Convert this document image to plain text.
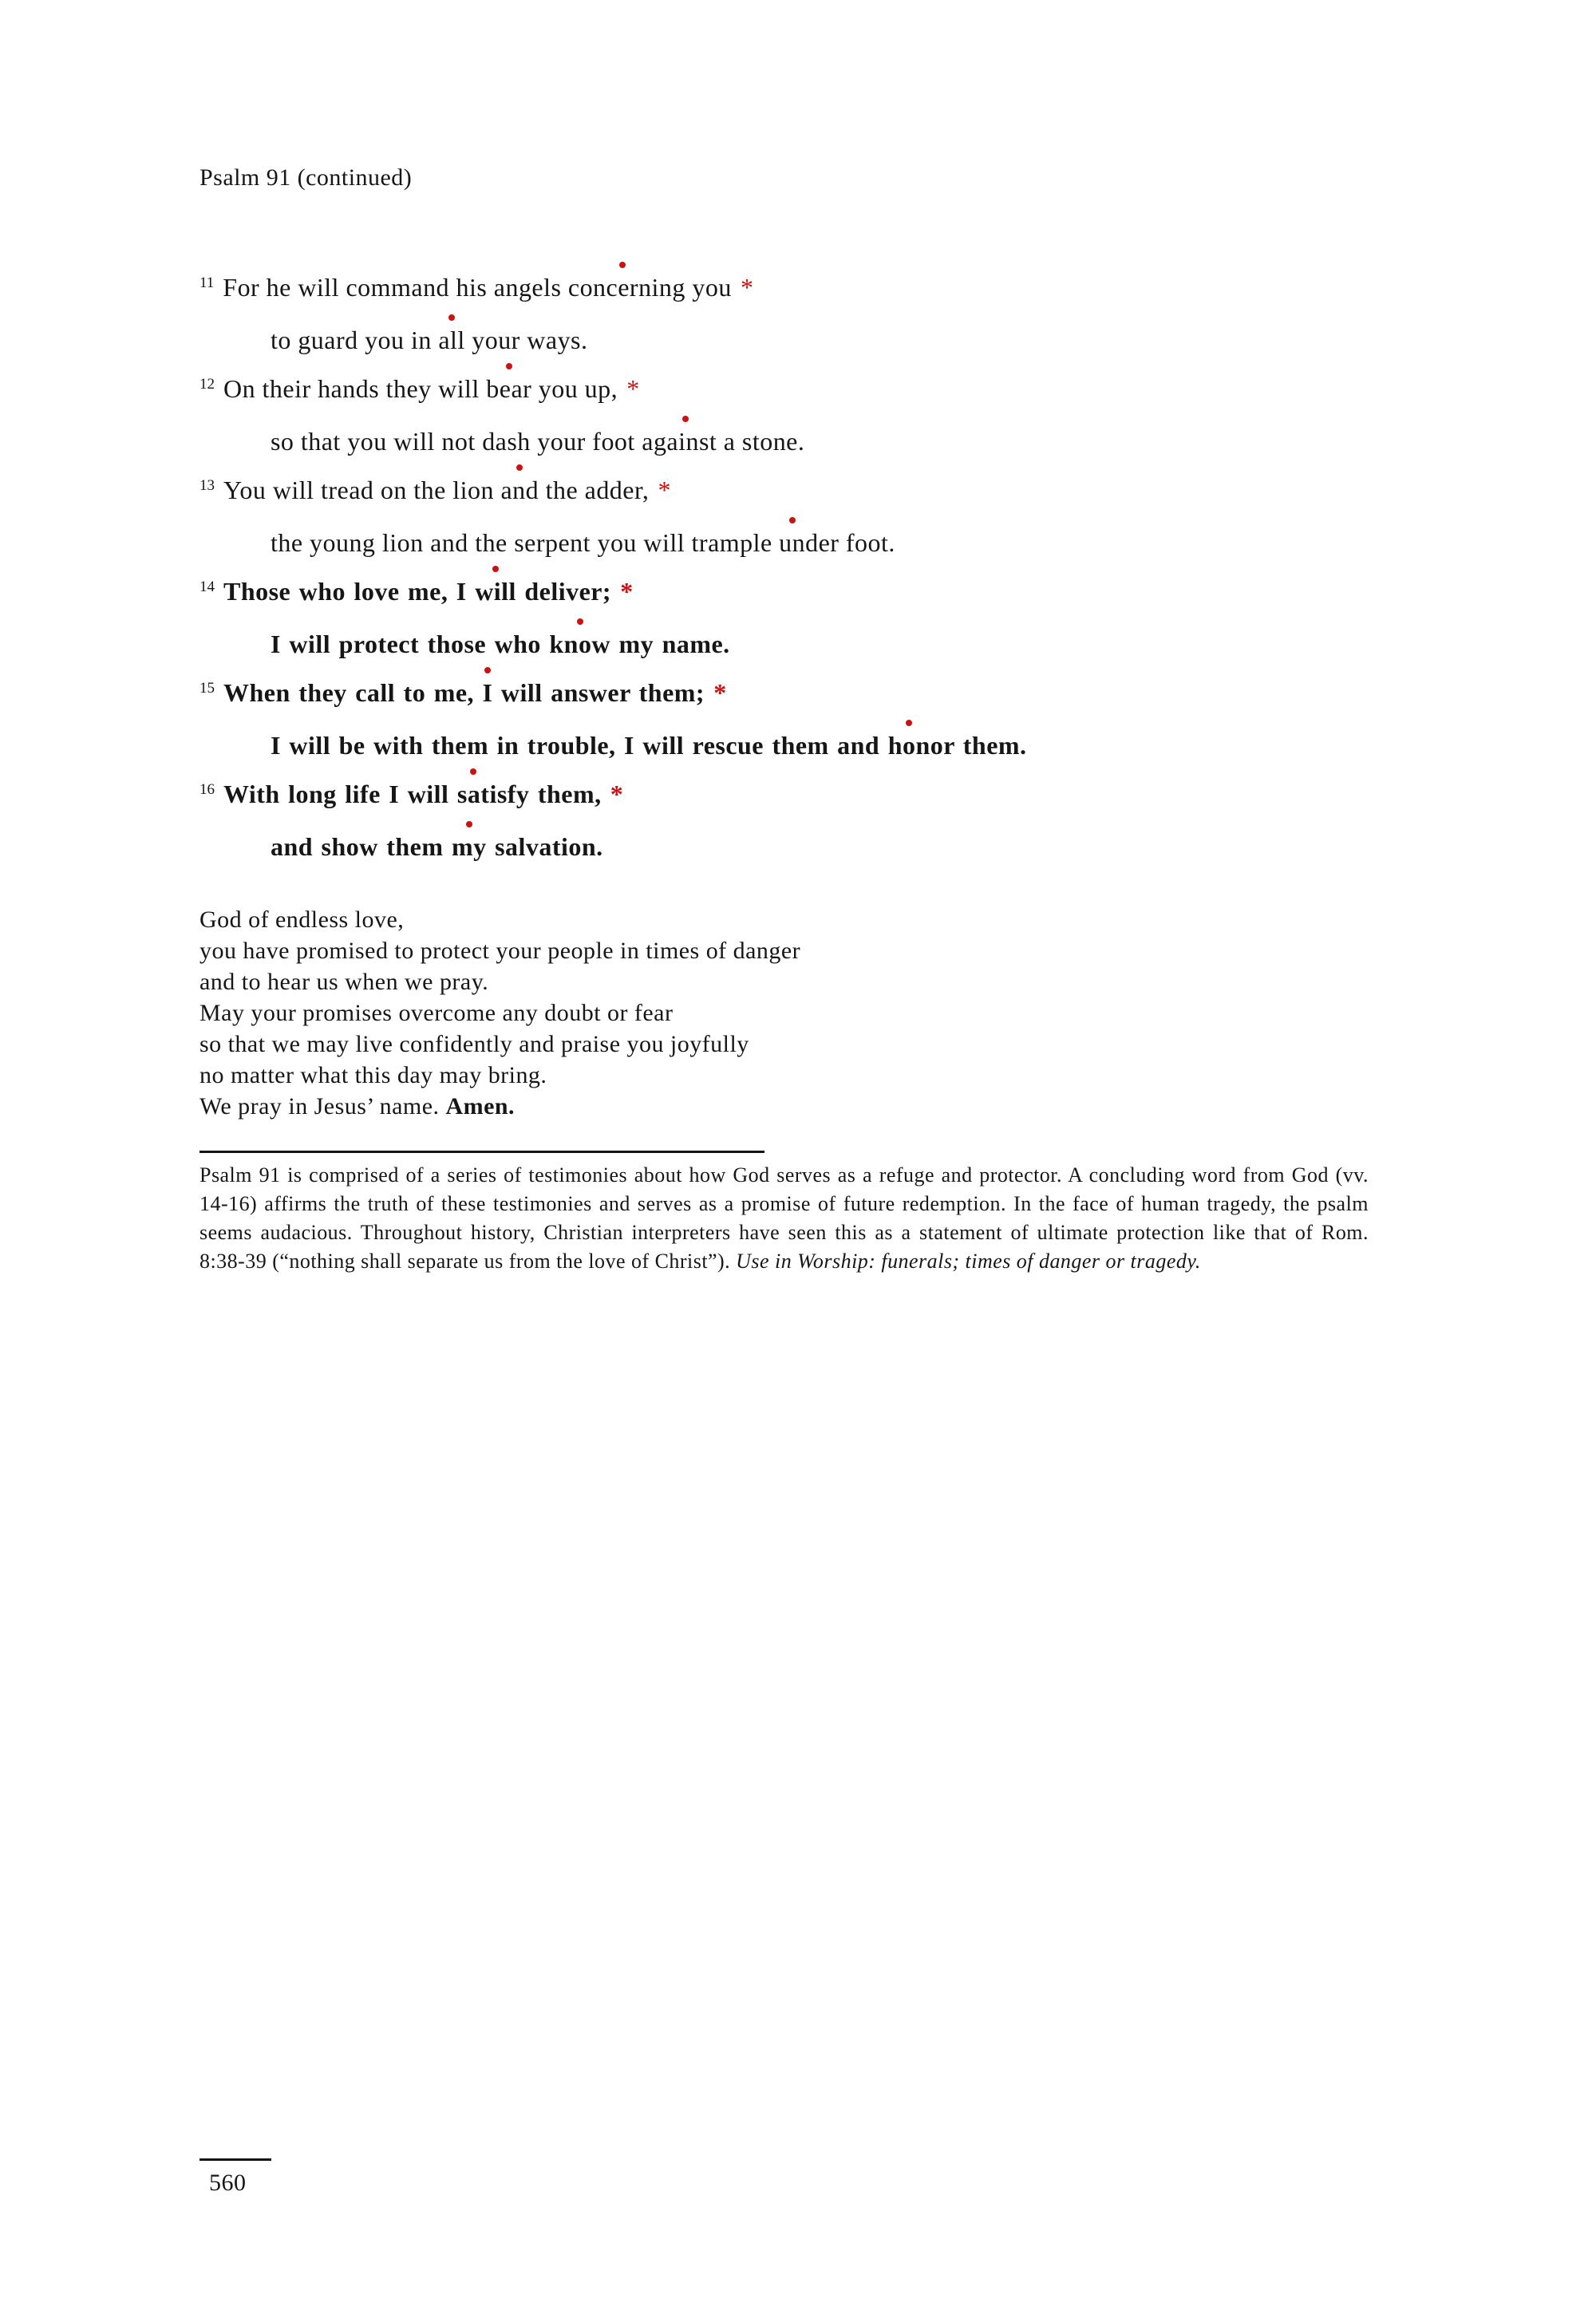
Psalm 91 (continued)
$^{11}$ For he will command his angels concerning you *
to guard you in all your ways.
$^{12}$ On their hands they will bear you up, *
so that you will not dash your foot against a stone.
$^{13}$ You will tread on the lion and the adder, *
the young lion and the serpent you will trample under foot.
$^{14}$ Those who love me, I will deliver; *
I will protect those who know my name.
$^{15}$ When they call to me, I will answer them; *
I will be with them in trouble, I will rescue them and honor them.
$^{16}$ With long life I will satisfy them, *
and show them my salvation.
God of endless love,
you have promised to protect your people in times of danger
and to hear us when we pray.
May your promises overcome any doubt or fear
so that we may live confidently and praise you joyfully
no matter what this day may bring.
We pray in Jesus’ name. Amen.

Psalm 91 is comprised of a series of testimonies about how God serves as a refuge and protector. A concluding word from God (vv. 14-16) affirms the truth of these testimonies and serves as a promise of future redemption. In the face of human tragedy, the psalm seems audacious. Throughout history, Christian interpreters have seen this as a statement of ultimate protection like that of Rom. 8:38-39 (“nothing shall separate us from the love of Christ”). Use in Worship: funerals; times of danger or tragedy.

560
